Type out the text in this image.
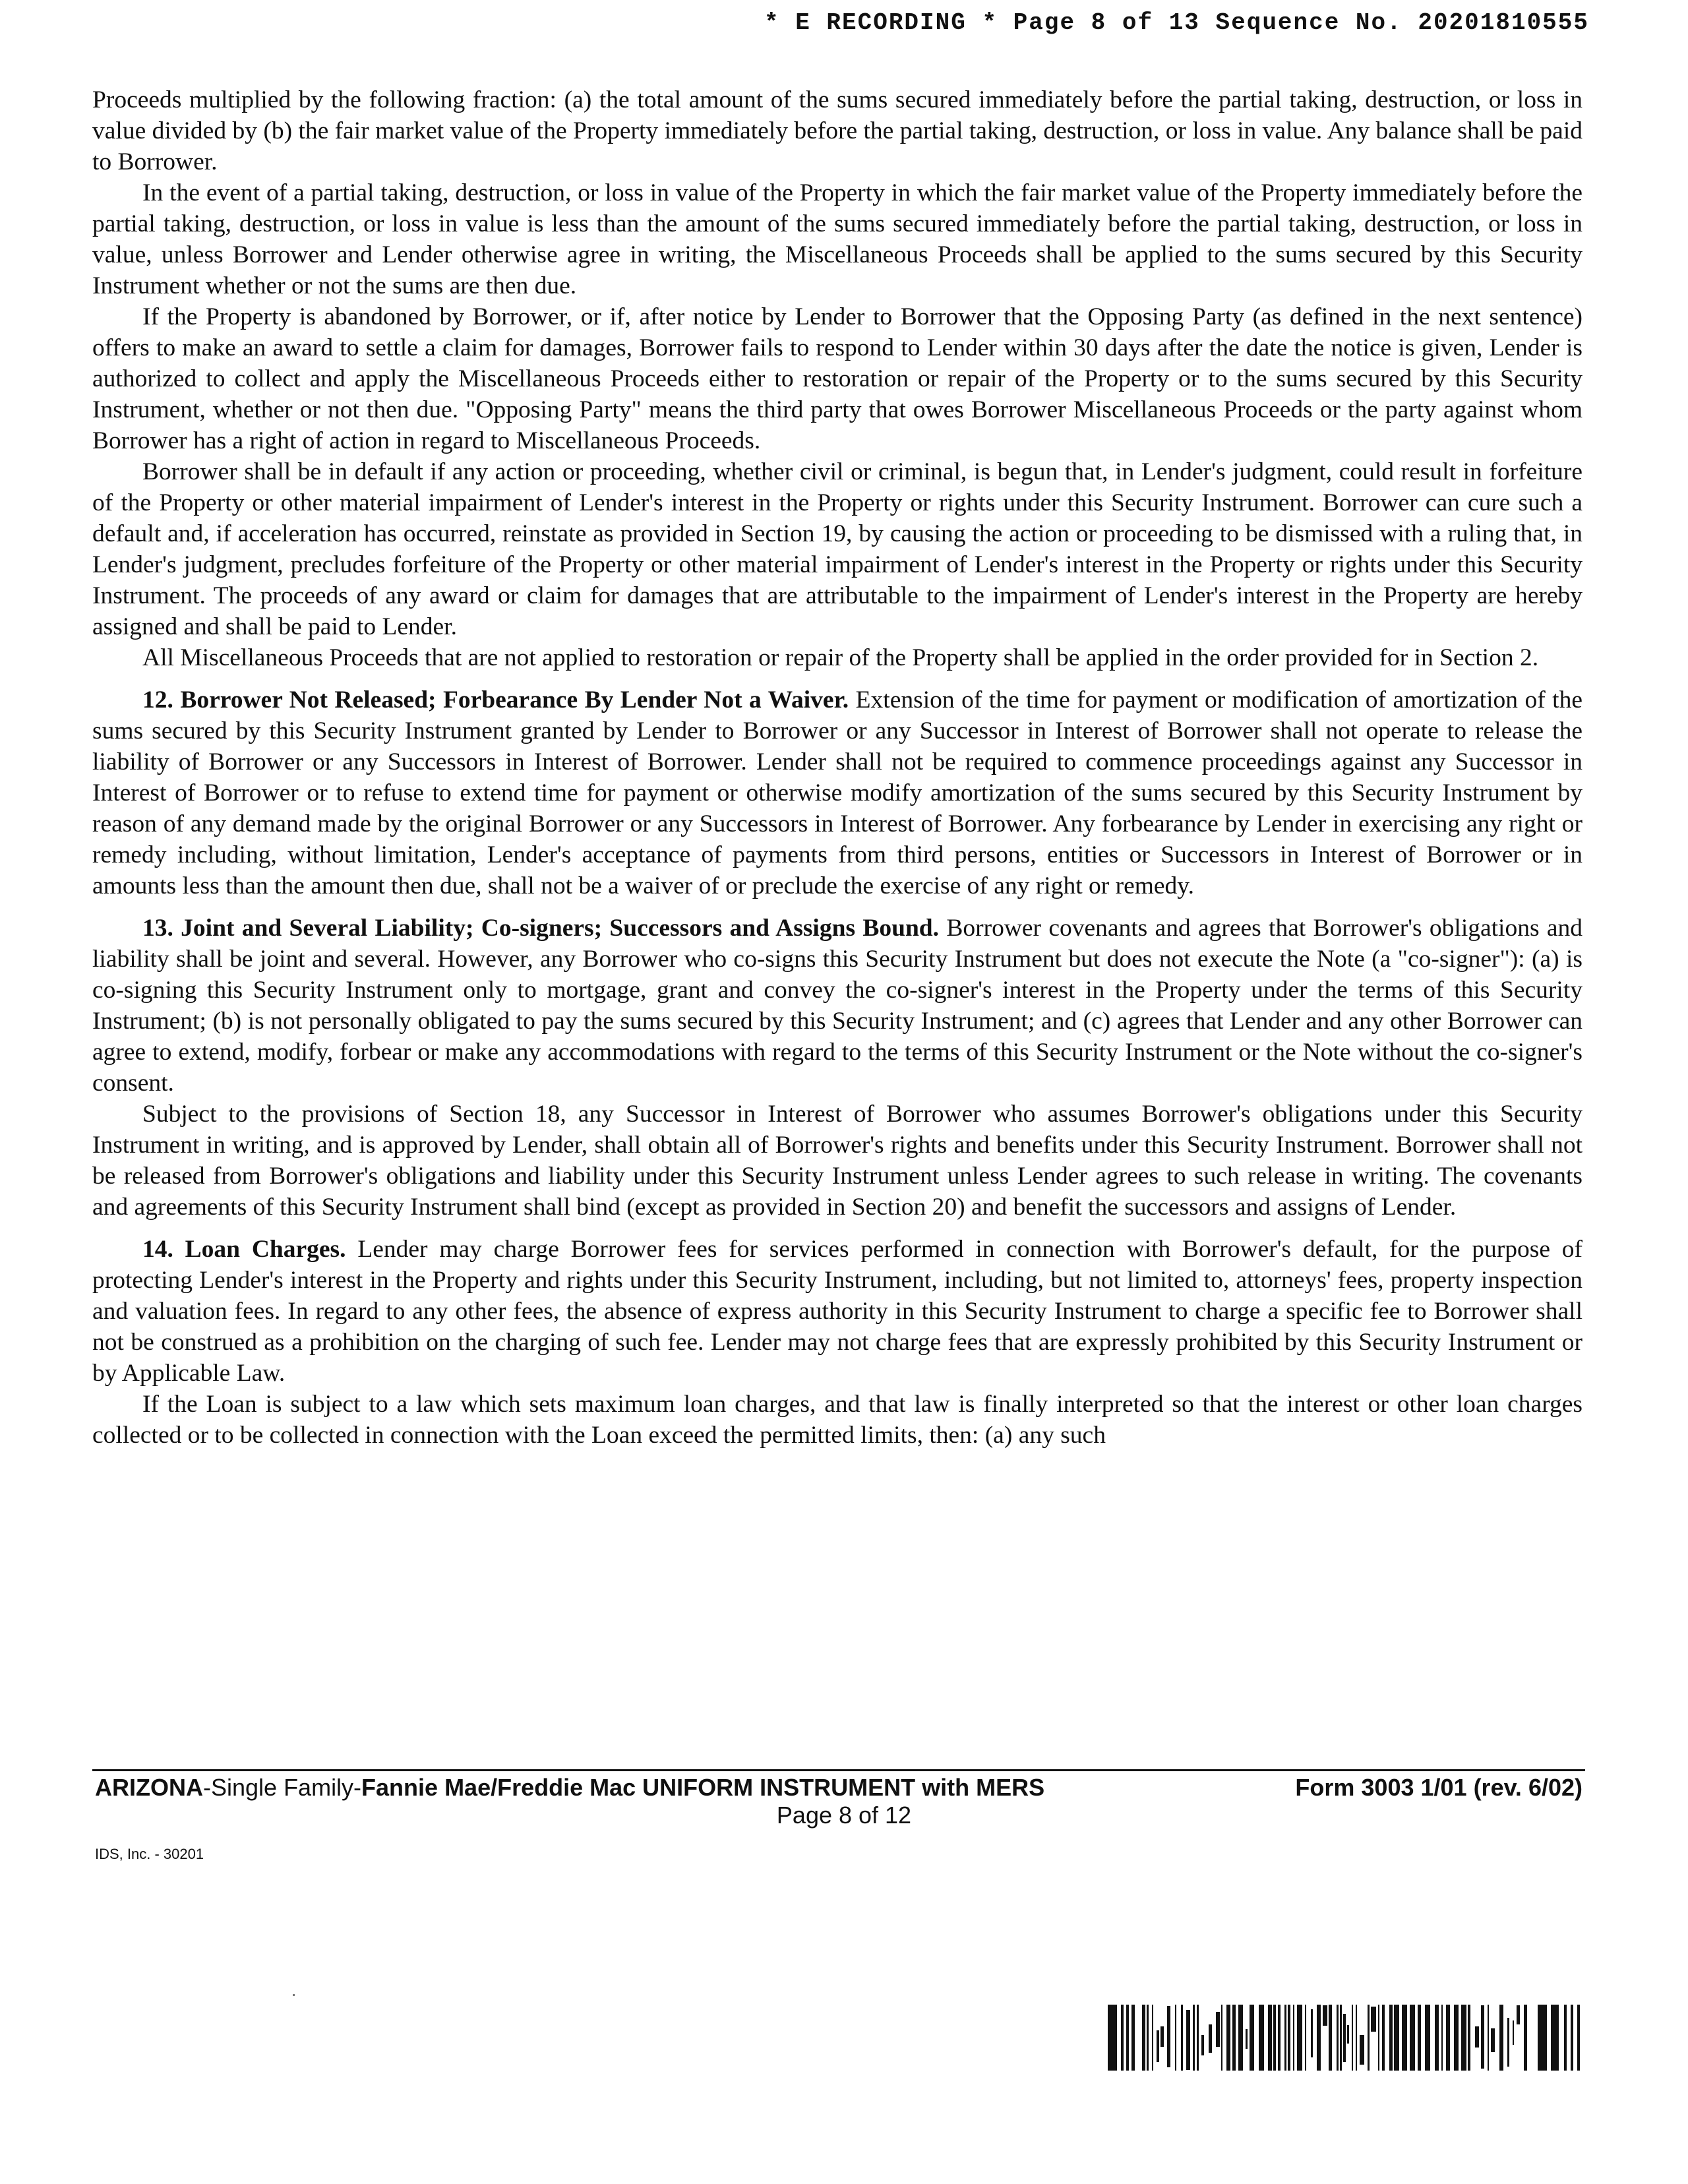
* E RECORDING * Page 8 of 13 Sequence No. 20201810555

Proceeds multiplied by the following fraction: (a) the total amount of the sums secured immediately before the partial taking, destruction, or loss in value divided by (b) the fair market value of the Property immediately before the partial taking, destruction, or loss in value. Any balance shall be paid to Borrower.

In the event of a partial taking, destruction, or loss in value of the Property in which the fair market value of the Property immediately before the partial taking, destruction, or loss in value is less than the amount of the sums secured immediately before the partial taking, destruction, or loss in value, unless Borrower and Lender otherwise agree in writing, the Miscellaneous Proceeds shall be applied to the sums secured by this Security Instrument whether or not the sums are then due.

If the Property is abandoned by Borrower, or if, after notice by Lender to Borrower that the Opposing Party (as defined in the next sentence) offers to make an award to settle a claim for damages, Borrower fails to respond to Lender within 30 days after the date the notice is given, Lender is authorized to collect and apply the Miscellaneous Proceeds either to restoration or repair of the Property or to the sums secured by this Security Instrument, whether or not then due. "Opposing Party" means the third party that owes Borrower Miscellaneous Proceeds or the party against whom Borrower has a right of action in regard to Miscellaneous Proceeds.

Borrower shall be in default if any action or proceeding, whether civil or criminal, is begun that, in Lender's judgment, could result in forfeiture of the Property or other material impairment of Lender's interest in the Property or rights under this Security Instrument. Borrower can cure such a default and, if acceleration has occurred, reinstate as provided in Section 19, by causing the action or proceeding to be dismissed with a ruling that, in Lender's judgment, precludes forfeiture of the Property or other material impairment of Lender's interest in the Property or rights under this Security Instrument. The proceeds of any award or claim for damages that are attributable to the impairment of Lender's interest in the Property are hereby assigned and shall be paid to Lender.

All Miscellaneous Proceeds that are not applied to restoration or repair of the Property shall be applied in the order provided for in Section 2.

12. Borrower Not Released; Forbearance By Lender Not a Waiver. Extension of the time for payment or modification of amortization of the sums secured by this Security Instrument granted by Lender to Borrower or any Successor in Interest of Borrower shall not operate to release the liability of Borrower or any Successors in Interest of Borrower. Lender shall not be required to commence proceedings against any Successor in Interest of Borrower or to refuse to extend time for payment or otherwise modify amortization of the sums secured by this Security Instrument by reason of any demand made by the original Borrower or any Successors in Interest of Borrower. Any forbearance by Lender in exercising any right or remedy including, without limitation, Lender's acceptance of payments from third persons, entities or Successors in Interest of Borrower or in amounts less than the amount then due, shall not be a waiver of or preclude the exercise of any right or remedy.

13. Joint and Several Liability; Co-signers; Successors and Assigns Bound. Borrower covenants and agrees that Borrower's obligations and liability shall be joint and several. However, any Borrower who co-signs this Security Instrument but does not execute the Note (a "co-signer"): (a) is co-signing this Security Instrument only to mortgage, grant and convey the co-signer's interest in the Property under the terms of this Security Instrument; (b) is not personally obligated to pay the sums secured by this Security Instrument; and (c) agrees that Lender and any other Borrower can agree to extend, modify, forbear or make any accommodations with regard to the terms of this Security Instrument or the Note without the co-signer's consent.

Subject to the provisions of Section 18, any Successor in Interest of Borrower who assumes Borrower's obligations under this Security Instrument in writing, and is approved by Lender, shall obtain all of Borrower's rights and benefits under this Security Instrument. Borrower shall not be released from Borrower's obligations and liability under this Security Instrument unless Lender agrees to such release in writing. The covenants and agreements of this Security Instrument shall bind (except as provided in Section 20) and benefit the successors and assigns of Lender.

14. Loan Charges. Lender may charge Borrower fees for services performed in connection with Borrower's default, for the purpose of protecting Lender's interest in the Property and rights under this Security Instrument, including, but not limited to, attorneys' fees, property inspection and valuation fees. In regard to any other fees, the absence of express authority in this Security Instrument to charge a specific fee to Borrower shall not be construed as a prohibition on the charging of such fee. Lender may not charge fees that are expressly prohibited by this Security Instrument or by Applicable Law.

If the Loan is subject to a law which sets maximum loan charges, and that law is finally interpreted so that the interest or other loan charges collected or to be collected in connection with the Loan exceed the permitted limits, then: (a) any such

ARIZONA-Single Family-Fannie Mae/Freddie Mac UNIFORM INSTRUMENT with MERS	Form 3003 1/01 (rev. 6/02)
Page 8 of 12
IDS, Inc. - 30201
